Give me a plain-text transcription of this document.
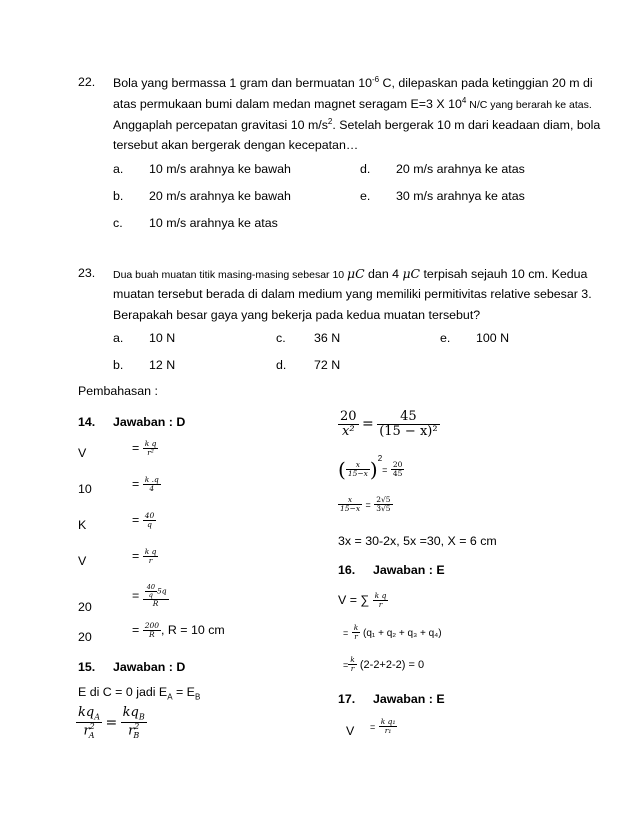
22. Bola yang bermassa 1 gram dan bermuatan $10^{-6}$ C, dilepaskan pada ketinggian 20 m di
atas permukaan bumi dalam medan magnet seragam E=3 X $10^4$ N/C yang berarah ke atas.
Anggaplah percepatan gravitasi 10 $m/s^2$. Setelah bergerak 10 m dari keadaan diam, bola
tersebut akan bergerak dengan kecepatan…
a. 10 m/s arahnya ke bawah	d. 20 m/s arahnya ke atas
b. 20 m/s arahnya ke bawah	e. 30 m/s arahnya ke atas
c. 10 m/s arahnya ke atas
23. Dua buah muatan titik masing-masing sebesar 10 μC dan 4 μC terpisah sejauh 10 cm. Kedua
muatan tersebut berada di dalam medium yang memiliki permitivitas relative sebesar 3.
Berapakah besar gaya yang bekerja pada kedua muatan tersebut?
a. 10 N	c. 36 N	e. 100 N
b. 12 N	d. 72 N
Pembahasan :
14. Jawaban : D
V	= $\frac{\text{k q}}{\text{r²}}$
10	= $\frac{k .q}{4}$
K	= $\frac{40}{q}$
V	= $\frac{\text{k q}}{r}$
20
= $\frac{\frac{40}{q} 5q}{R}$
20	= $\frac{200}{R}$ , R = 10 cm
15. Jawaban : D
E di C = 0 jadi $E_A = E_B$
$\frac{kq_A}{r^2_A} = \frac{kq_B}{r^2_B}$
$\frac{20}{\text{x²}} = \frac{45}{\text{(15 − x)²}}$
( $\frac{x}{15-x} )^2= \frac{20}{45}$
$\frac{x}{15-x} = \frac{2√5}{3√5}$
3x = 30-2x, 5x =30, X = 6 cm
16. Jawaban : E
V = ∑ $\frac{\text{k q}}{r}$
= $\frac{k}{r} (q_1 + q_2 + q_3 + q_4)$
= $\frac{k}{r} (2-2+2-2) = 0$
17. Jawaban : E
$V = \frac{\text{k q₁}}{\text{r₁}}$
